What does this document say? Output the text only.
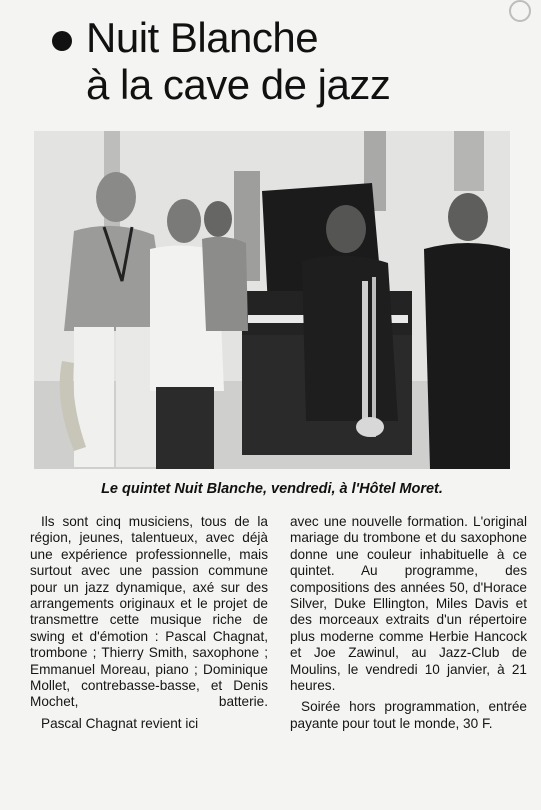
Nuit Blanche
à la cave de jazz
Le quintet Nuit Blanche, vendredi, à l'Hôtel Moret.

Ils sont cinq musiciens, tous de la région, jeunes, talentueux, avec déjà une expérience professionnelle, mais surtout avec une passion commune pour un jazz dynamique, axé sur des arrangements originaux et le projet de transmettre cette musique riche de swing et d'émotion : Pascal Chagnat, trombone ; Thierry Smith, saxophone ; Emmanuel Moreau, piano ; Dominique Mollet, contrebasse-basse, et Denis Mochet, batterie.

Pascal Chagnat revient ici

avec une nouvelle formation. L'original mariage du trombone et du saxophone donne une couleur inhabituelle à ce quintet. Au programme, des compositions des années 50, d'Horace Silver, Duke Ellington, Miles Davis et des morceaux extraits d'un répertoire plus moderne comme Herbie Hancock et Joe Zawinul, au Jazz-Club de Moulins, le vendredi 10 janvier, à 21 heures.

Soirée hors programmation, entrée payante pour tout le monde, 30 F.
